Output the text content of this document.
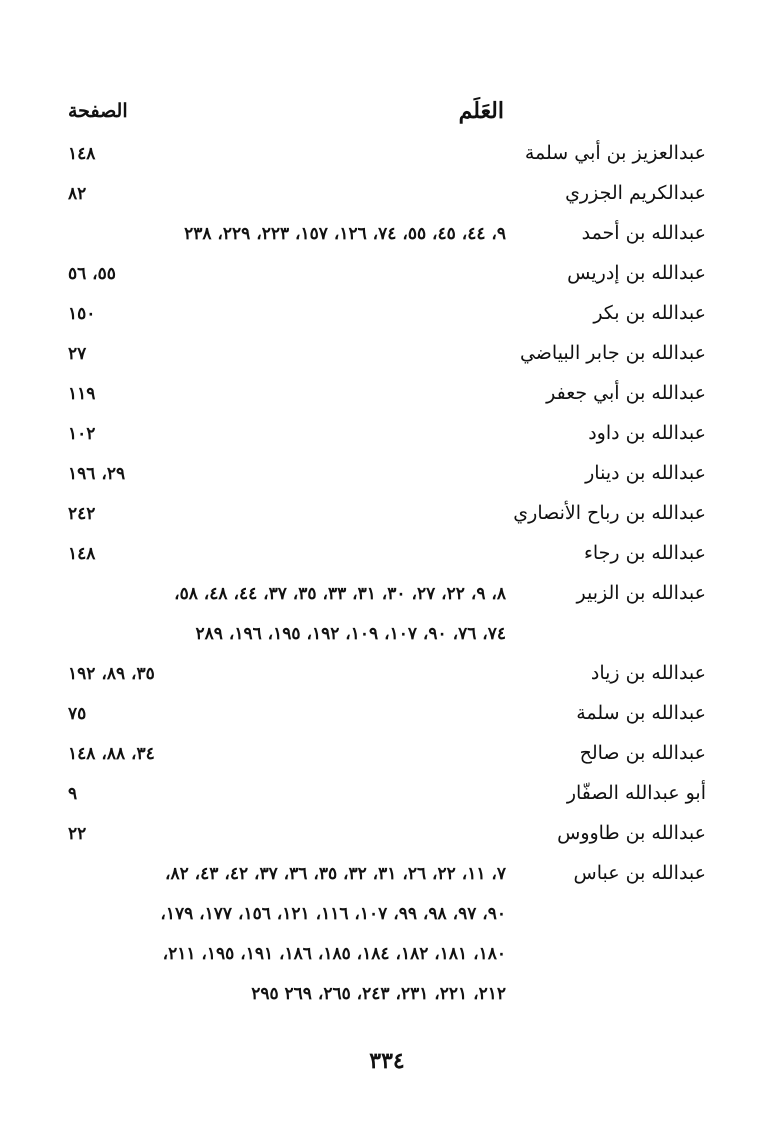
العَلَم
الصفحة
عبدالعزيز بن أبي سلمة
١٤٨
عبدالكريم الجزري
٨٢
عبدالله بن أحمد
٩، ٤٤، ٤٥، ٥٥، ٧٤، ١٢٦، ١٥٧، ٢٢٣، ٢٢٩، ٢٣٨
عبدالله بن إدريس
٥٥، ٥٦
عبدالله بن بكر
١٥٠
عبدالله بن جابر البياضي
٢٧
عبدالله بن أبي جعفر
١١٩
عبدالله بن داود
١٠٢
عبدالله بن دينار
٢٩، ١٩٦
عبدالله بن رباح الأنصاري
٢٤٢
عبدالله بن رجاء
١٤٨
عبدالله بن الزبير
٨، ٩، ٢٢، ٢٧، ٣٠، ٣١، ٣٣، ٣٥، ٣٧، ٤٤، ٤٨، ٥٨،
٧٤، ٧٦، ٩٠، ١٠٧، ١٠٩، ١٩٢، ١٩٥، ١٩٦، ٢٨٩
عبدالله بن زياد
٣٥، ٨٩، ١٩٢
عبدالله بن سلمة
٧٥
عبدالله بن صالح
٣٤، ٨٨، ١٤٨
أبو عبدالله الصفّار
٩
عبدالله بن طاووس
٢٢
عبدالله بن عباس
٧، ١١، ٢٢، ٢٦، ٣١، ٣٢، ٣٥، ٣٦، ٣٧، ٤٢، ٤٣، ٨٢،
٩٠، ٩٧، ٩٨، ٩٩، ١٠٧، ١١٦، ١٢١، ١٥٦، ١٧٧، ١٧٩،
١٨٠، ١٨١، ١٨٢، ١٨٤، ١٨٥، ١٨٦، ١٩١، ١٩٥، ٢١١،
٢١٢، ٢٢١، ٢٣١، ٢٤٣، ٢٦٥، ٢٦٩ ٢٩٥
٣٣٤
